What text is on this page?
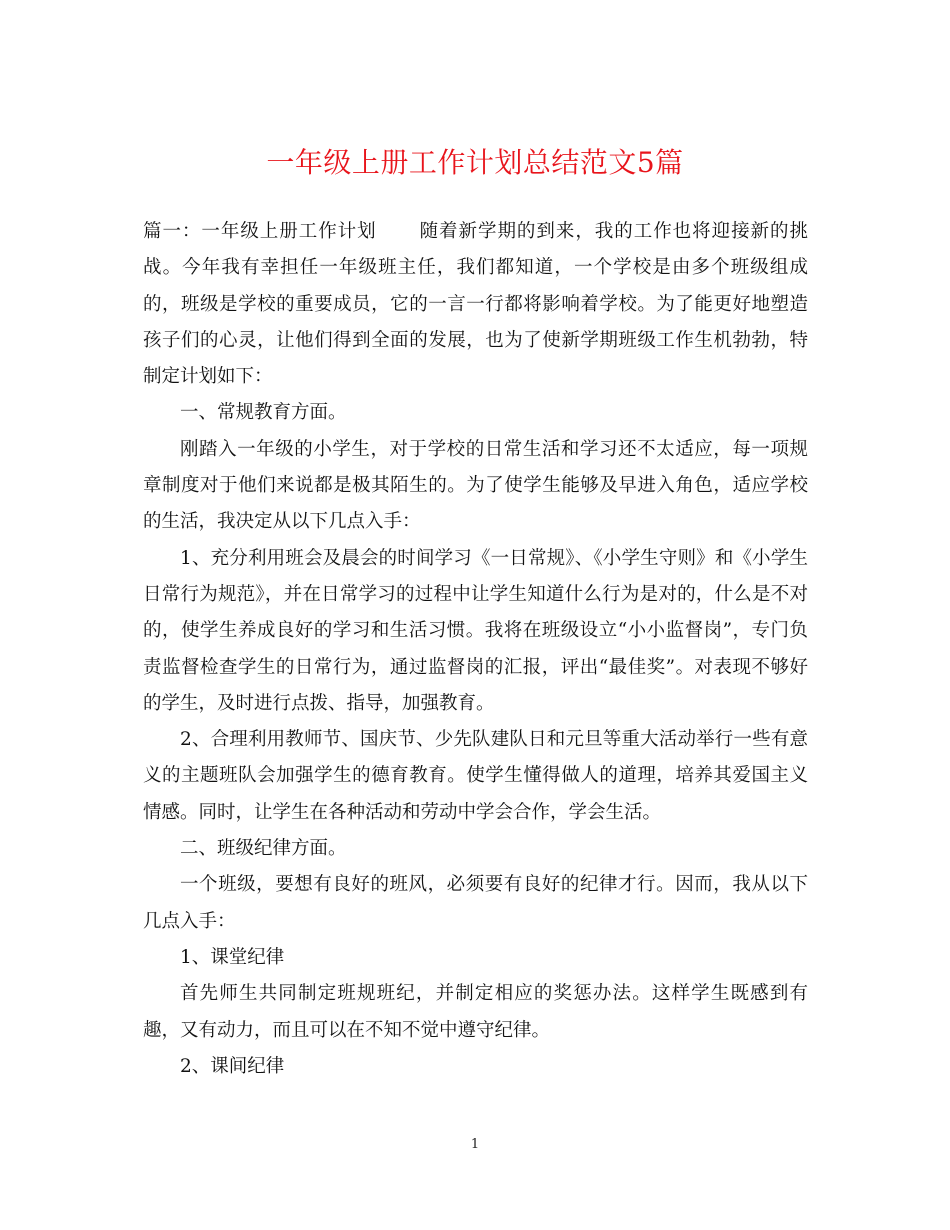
一年级上册工作计划总结范文5篇

篇一：一年级上册工作计划 随着新学期的到来，我的工作也将迎接新的挑战。今年我有幸担任一年级班主任，我们都知道，一个学校是由多个班级组成的，班级是学校的重要成员，它的一言一行都将影响着学校。为了能更好地塑造孩子们的心灵，让他们得到全面的发展，也为了使新学期班级工作生机勃勃，特制定计划如下：

一、常规教育方面。

刚踏入一年级的小学生，对于学校的日常生活和学习还不太适应，每一项规章制度对于他们来说都是极其陌生的。为了使学生能够及早进入角色，适应学校的生活，我决定从以下几点入手：

1、充分利用班会及晨会的时间学习《一日常规》、《小学生守则》和《小学生日常行为规范》，并在日常学习的过程中让学生知道什么行为是对的，什么是不对的，使学生养成良好的学习和生活习惯。我将在班级设立“小小监督岗”，专门负责监督检查学生的日常行为，通过监督岗的汇报，评出“最佳奖”。对表现不够好的学生，及时进行点拨、指导，加强教育。

2、合理利用教师节、国庆节、少先队建队日和元旦等重大活动举行一些有意义的主题班队会加强学生的德育教育。使学生懂得做人的道理，培养其爱国主义情感。同时，让学生在各种活动和劳动中学会合作，学会生活。

二、班级纪律方面。

一个班级，要想有良好的班风，必须要有良好的纪律才行。因而，我从以下几点入手：

1、课堂纪律

首先师生共同制定班规班纪，并制定相应的奖惩办法。这样学生既感到有趣，又有动力，而且可以在不知不觉中遵守纪律。

2、课间纪律

1
